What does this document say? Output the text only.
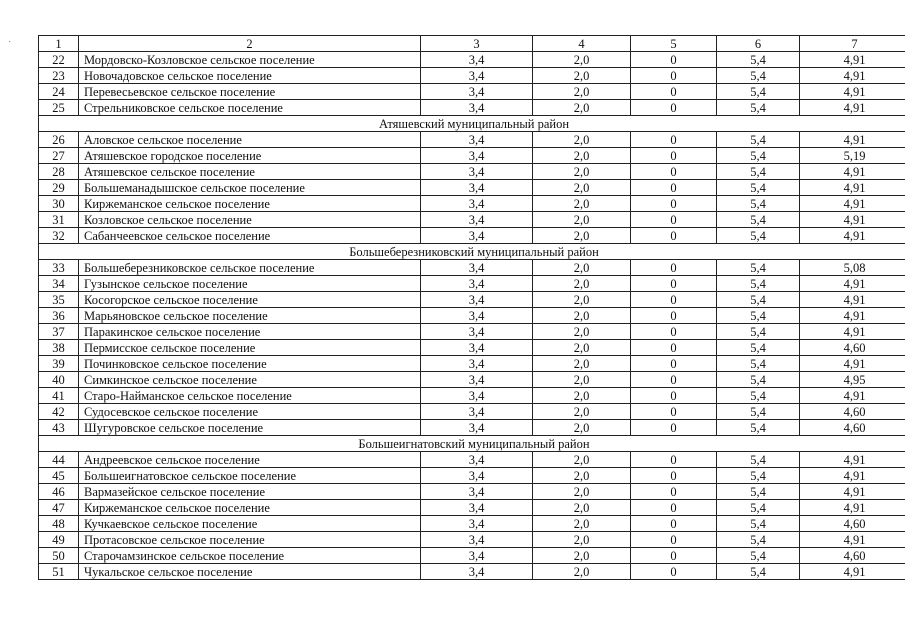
1	2	3	4	5	6	7
22	Мордовско-Козловское сельское поселение	3,4	2,0	0	5,4	4,91
23	Новочадовское сельское поселение	3,4	2,0	0	5,4	4,91
24	Перевесьевское сельское поселение	3,4	2,0	0	5,4	4,91
25	Стрельниковское сельское поселение	3,4	2,0	0	5,4	4,91
Атяшевский муниципальный район						
26	Аловское сельское поселение	3,4	2,0	0	5,4	4,91
27	Атяшевское городское поселение	3,4	2,0	0	5,4	5,19
28	Атяшевское сельское поселение	3,4	2,0	0	5,4	4,91
29	Большеманадышское сельское поселение	3,4	2,0	0	5,4	4,91
30	Киржеманское сельское поселение	3,4	2,0	0	5,4	4,91
31	Козловское сельское поселение	3,4	2,0	0	5,4	4,91
32	Сабанчеевское сельское поселение	3,4	2,0	0	5,4	4,91
Большеберезниковский муниципальный район						
33	Большеберезниковское сельское поселение	3,4	2,0	0	5,4	5,08
34	Гузынское сельское поселение	3,4	2,0	0	5,4	4,91
35	Косогорское сельское поселение	3,4	2,0	0	5,4	4,91
36	Марьяновское сельское поселение	3,4	2,0	0	5,4	4,91
37	Паракинское сельское поселение	3,4	2,0	0	5,4	4,91
38	Пермисское сельское поселение	3,4	2,0	0	5,4	4,60
39	Починковское сельское поселение	3,4	2,0	0	5,4	4,91
40	Симкинское сельское поселение	3,4	2,0	0	5,4	4,95
41	Старо-Найманское сельское поселение	3,4	2,0	0	5,4	4,91
42	Судосевское сельское поселение	3,4	2,0	0	5,4	4,60
43	Шугуровское сельское поселение	3,4	2,0	0	5,4	4,60
Большеигнатовский муниципальный район						
44	Андреевское сельское поселение	3,4	2,0	0	5,4	4,91
45	Большеигнатовское сельское поселение	3,4	2,0	0	5,4	4,91
46	Вармазейское сельское поселение	3,4	2,0	0	5,4	4,91
47	Киржеманское сельское поселение	3,4	2,0	0	5,4	4,91
48	Кучкаевское сельское поселение	3,4	2,0	0	5,4	4,60
49	Протасовское сельское поселение	3,4	2,0	0	5,4	4,91
50	Старочамзинское сельское поселение	3,4	2,0	0	5,4	4,60
51	Чукальское сельское поселение	3,4	2,0	0	5,4	4,91
˙
